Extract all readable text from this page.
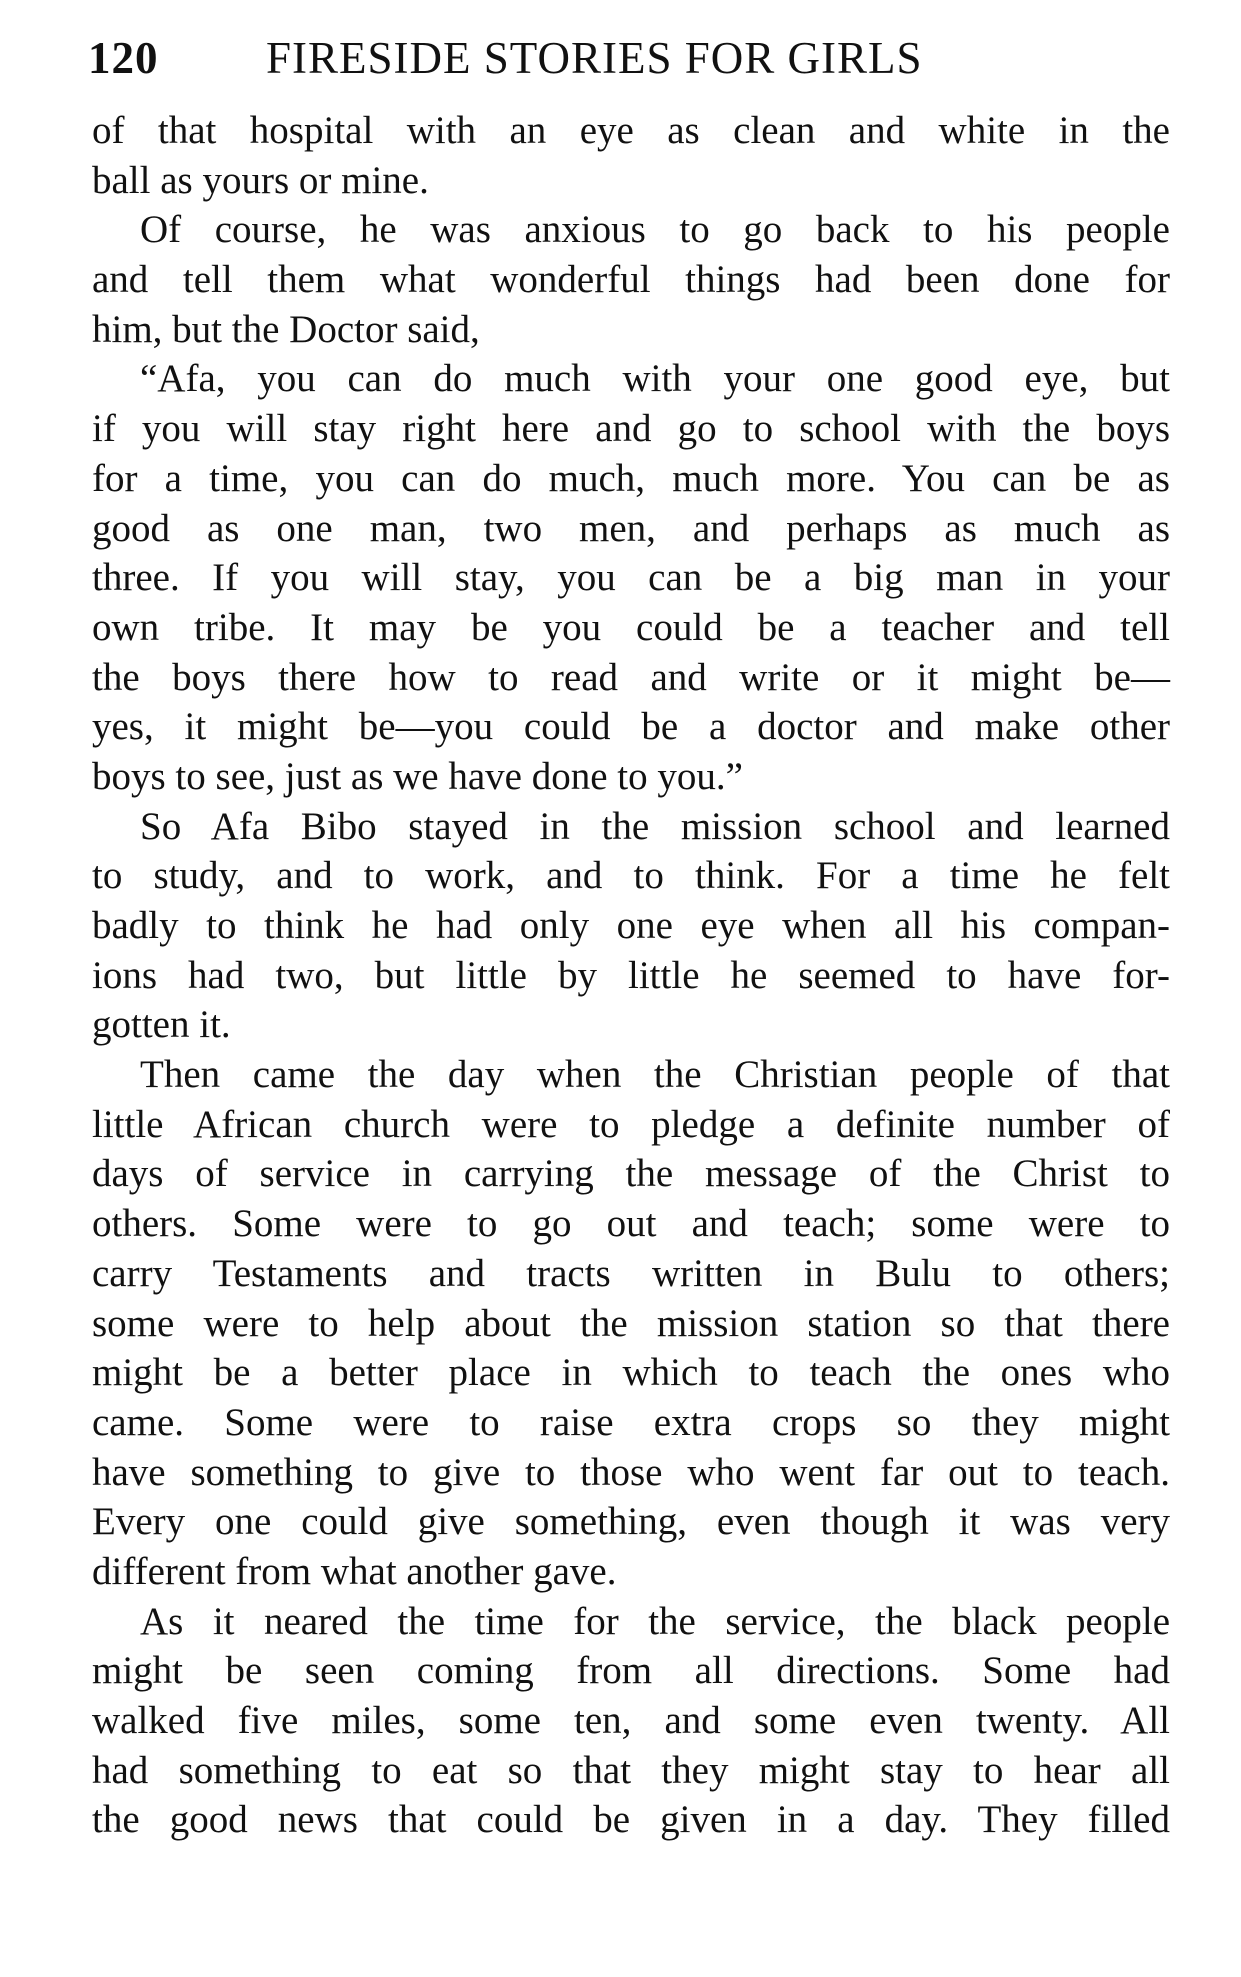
120 FIRESIDE STORIES FOR GIRLS
of that hospital with an eye as clean and white in the
ball as yours or mine.
Of course, he was anxious to go back to his people
and tell them what wonderful things had been done for
him, but the Doctor said,
“Afa, you can do much with your one good eye, but
if you will stay right here and go to school with the boys
for a time, you can do much, much more. You can be as
good as one man, two men, and perhaps as much as
three. If you will stay, you can be a big man in your
own tribe. It may be you could be a teacher and tell
the boys there how to read and write or it might be—
yes, it might be—you could be a doctor and make other
boys to see, just as we have done to you.”
So Afa Bibo stayed in the mission school and learned
to study, and to work, and to think. For a time he felt
badly to think he had only one eye when all his compan-
ions had two, but little by little he seemed to have for-
gotten it.
Then came the day when the Christian people of that
little African church were to pledge a definite number of
days of service in carrying the message of the Christ to
others. Some were to go out and teach; some were to
carry Testaments and tracts written in Bulu to others;
some were to help about the mission station so that there
might be a better place in which to teach the ones who
came. Some were to raise extra crops so they might
have something to give to those who went far out to teach.
Every one could give something, even though it was very
different from what another gave.
As it neared the time for the service, the black people
might be seen coming from all directions. Some had
walked five miles, some ten, and some even twenty. All
had something to eat so that they might stay to hear all
the good news that could be given in a day. They filled
